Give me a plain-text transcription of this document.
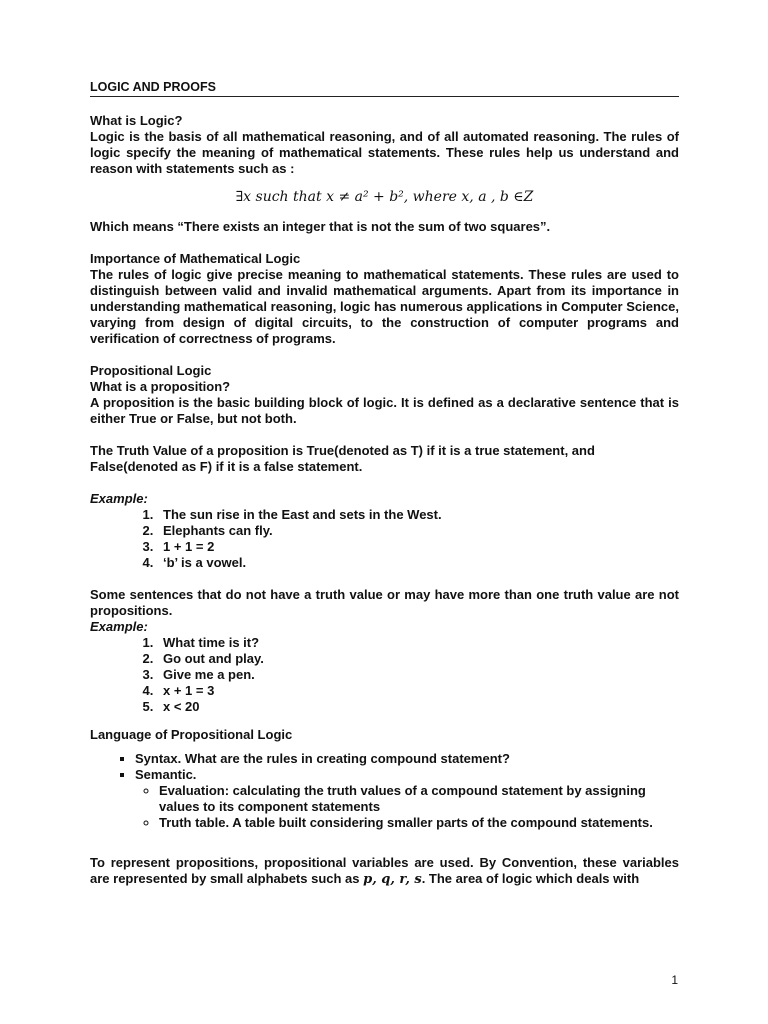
LOGIC AND PROOFS

What is Logic?

Logic is the basis of all mathematical reasoning, and of all automated reasoning. The rules of logic specify the meaning of mathematical statements. These rules help us understand and reason with statements such as :

∃x such that x ≠ a² + b², where x, a , b ∈Z

Which means “There exists an integer that is not the sum of two squares”.

Importance of Mathematical Logic

The rules of logic give precise meaning to mathematical statements. These rules are used to distinguish between valid and invalid mathematical arguments. Apart from its importance in understanding mathematical reasoning, logic has numerous applications in Computer Science, varying from design of digital circuits, to the construction of computer programs and verification of correctness of programs.

Propositional Logic

What is a proposition?

A proposition is the basic building block of logic. It is defined as a declarative sentence that is either True or False, but not both.

The Truth Value of a proposition is True(denoted as T) if it is a true statement, and False(denoted as F) if it is a false statement.

Example:

1. The sun rise in the East and sets in the West.
2. Elephants can fly.
3. 1 + 1 = 2
4. ‘b’ is a vowel.

Some sentences that do not have a truth value or may have more than one truth value are not propositions.

Example:

1. What time is it?
2. Go out and play.
3. Give me a pen.
4. x + 1 = 3
5. x < 20

Language of Propositional Logic

▪ Syntax. What are the rules in creating compound statement?
▪ Semantic.
◦ Evaluation: calculating the truth values of a compound statement by assigning values to its component statements
◦ Truth table. A table built considering smaller parts of the compound statements.

To represent propositions, propositional variables are used. By Convention, these variables are represented by small alphabets such as p, q, r, s. The area of logic which deals with

1
